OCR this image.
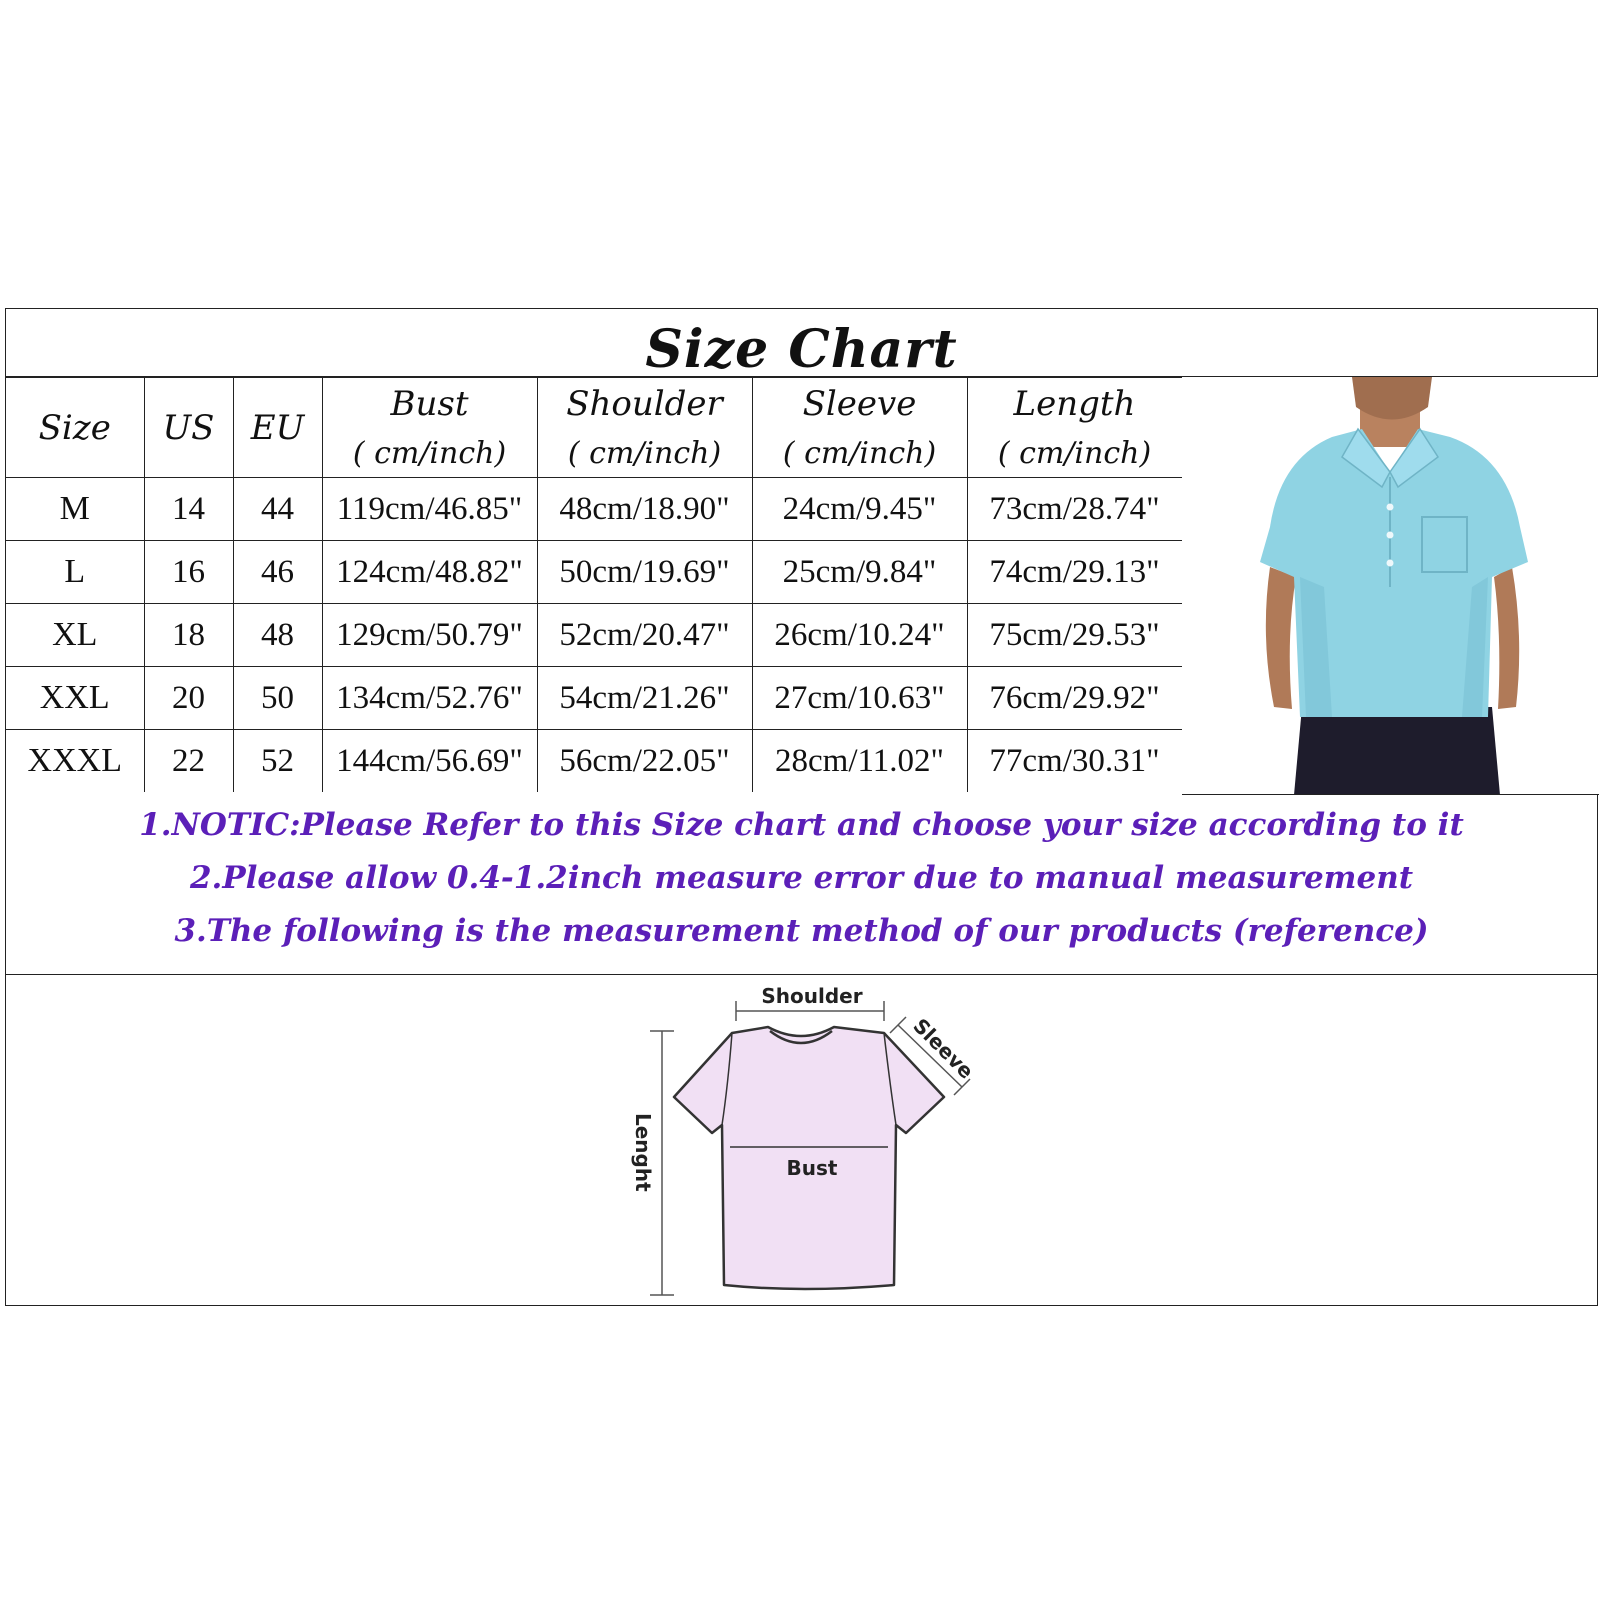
Size Chart
Size	US	EU	Bust	Shoulder	Sleeve	Length
			( cm/inch)	( cm/inch)	( cm/inch)	( cm/inch)
M	14	44	119cm/46.85"	48cm/18.90"	24cm/9.45"	73cm/28.74"
L	16	46	124cm/48.82"	50cm/19.69"	25cm/9.84"	74cm/29.13"
XL	18	48	129cm/50.79"	52cm/20.47"	26cm/10.24"	75cm/29.53"
XXL	20	50	134cm/52.76"	54cm/21.26"	27cm/10.63"	76cm/29.92"
XXXL	22	52	144cm/56.69"	56cm/22.05"	28cm/11.02"	77cm/30.31"
1.NOTIC:Please Refer to this Size chart and choose your size according to it
2.Please allow 0.4-1.2inch measure error due to manual measurement
3.The following is the measurement method of our products (reference)
Shoulder
Sleeve
Bust
Lenght
